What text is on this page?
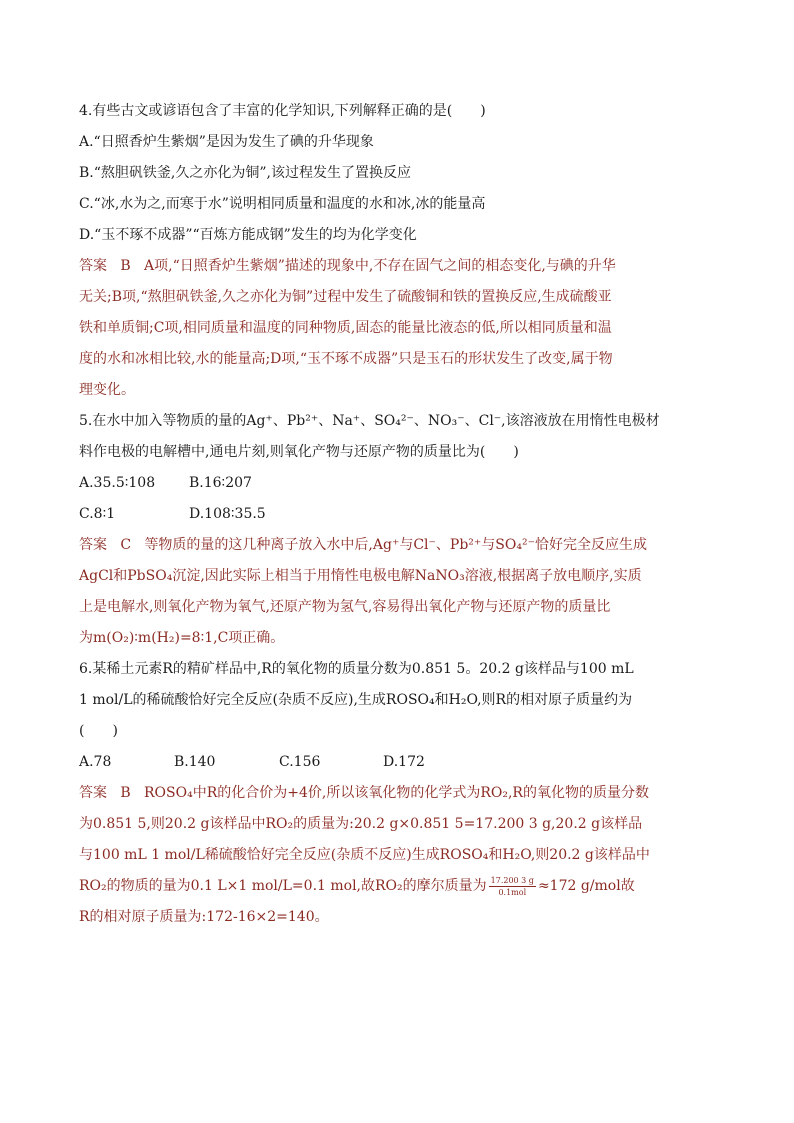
4.有些古文或谚语包含了丰富的化学知识,下列解释正确的是(　　)
A.“日照香炉生紫烟”是因为发生了碘的升华现象
B.“熬胆矾铁釜,久之亦化为铜”,该过程发生了置换反应
C.“冰,水为之,而寒于水”说明相同质量和温度的水和冰,冰的能量高
D.“玉不琢不成器”“百炼方能成钢”发生的均为化学变化
答案 B A项,“日照香炉生紫烟”描述的现象中,不存在固气之间的相态变化,与碘的升华
无关;B项,“熬胆矾铁釜,久之亦化为铜”过程中发生了硫酸铜和铁的置换反应,生成硫酸亚
铁和单质铜;C项,相同质量和温度的同种物质,固态的能量比液态的低,所以相同质量和温
度的水和冰相比较,水的能量高;D项,“玉不琢不成器”只是玉石的形状发生了改变,属于物
理变化。
5.在水中加入等物质的量的Ag⁺、Pb²⁺、Na⁺、SO₄²⁻、NO₃⁻、Cl⁻,该溶液放在用惰性电极材
料作电极的电解槽中,通电片刻,则氧化产物与还原产物的质量比为(　　)
A.35.5∶108 B.16∶207
C.8∶1	D.108∶35.5
答案 C 等物质的量的这几种离子放入水中后,Ag⁺与Cl⁻、Pb²⁺与SO₄²⁻恰好完全反应生成
AgCl和PbSO₄沉淀,因此实际上相当于用惰性电极电解NaNO₃溶液,根据离子放电顺序,实质
上是电解水,则氧化产物为氧气,还原产物为氢气,容易得出氧化产物与还原产物的质量比
为m(O₂)∶m(H₂)=8∶1,C项正确。
6.某稀土元素R的精矿样品中,R的氧化物的质量分数为0.851 5。20.2 g该样品与100 mL
1 mol/L的稀硫酸恰好完全反应(杂质不反应),生成ROSO₄和H₂O,则R的相对原子质量约为
(　　)
A.78	B.140	C.156	D.172
答案 B ROSO₄中R的化合价为+4价,所以该氧化物的化学式为RO₂,R的氧化物的质量分数
为0.851 5,则20.2 g该样品中RO₂的质量为:20.2 g×0.851 5=17.200 3 g,20.2 g该样品
与100 mL 1 mol/L稀硫酸恰好完全反应(杂质不反应)生成ROSO₄和H₂O,则20.2 g该样品中
RO₂的物质的量为0.1 L×1 mol/L=0.1 mol,故RO₂的摩尔质量为 $\frac{17.200 3 g}{\text{0.1mol}} \approx 172$ g/mol故
R的相对原子质量为:172-16×2=140。
